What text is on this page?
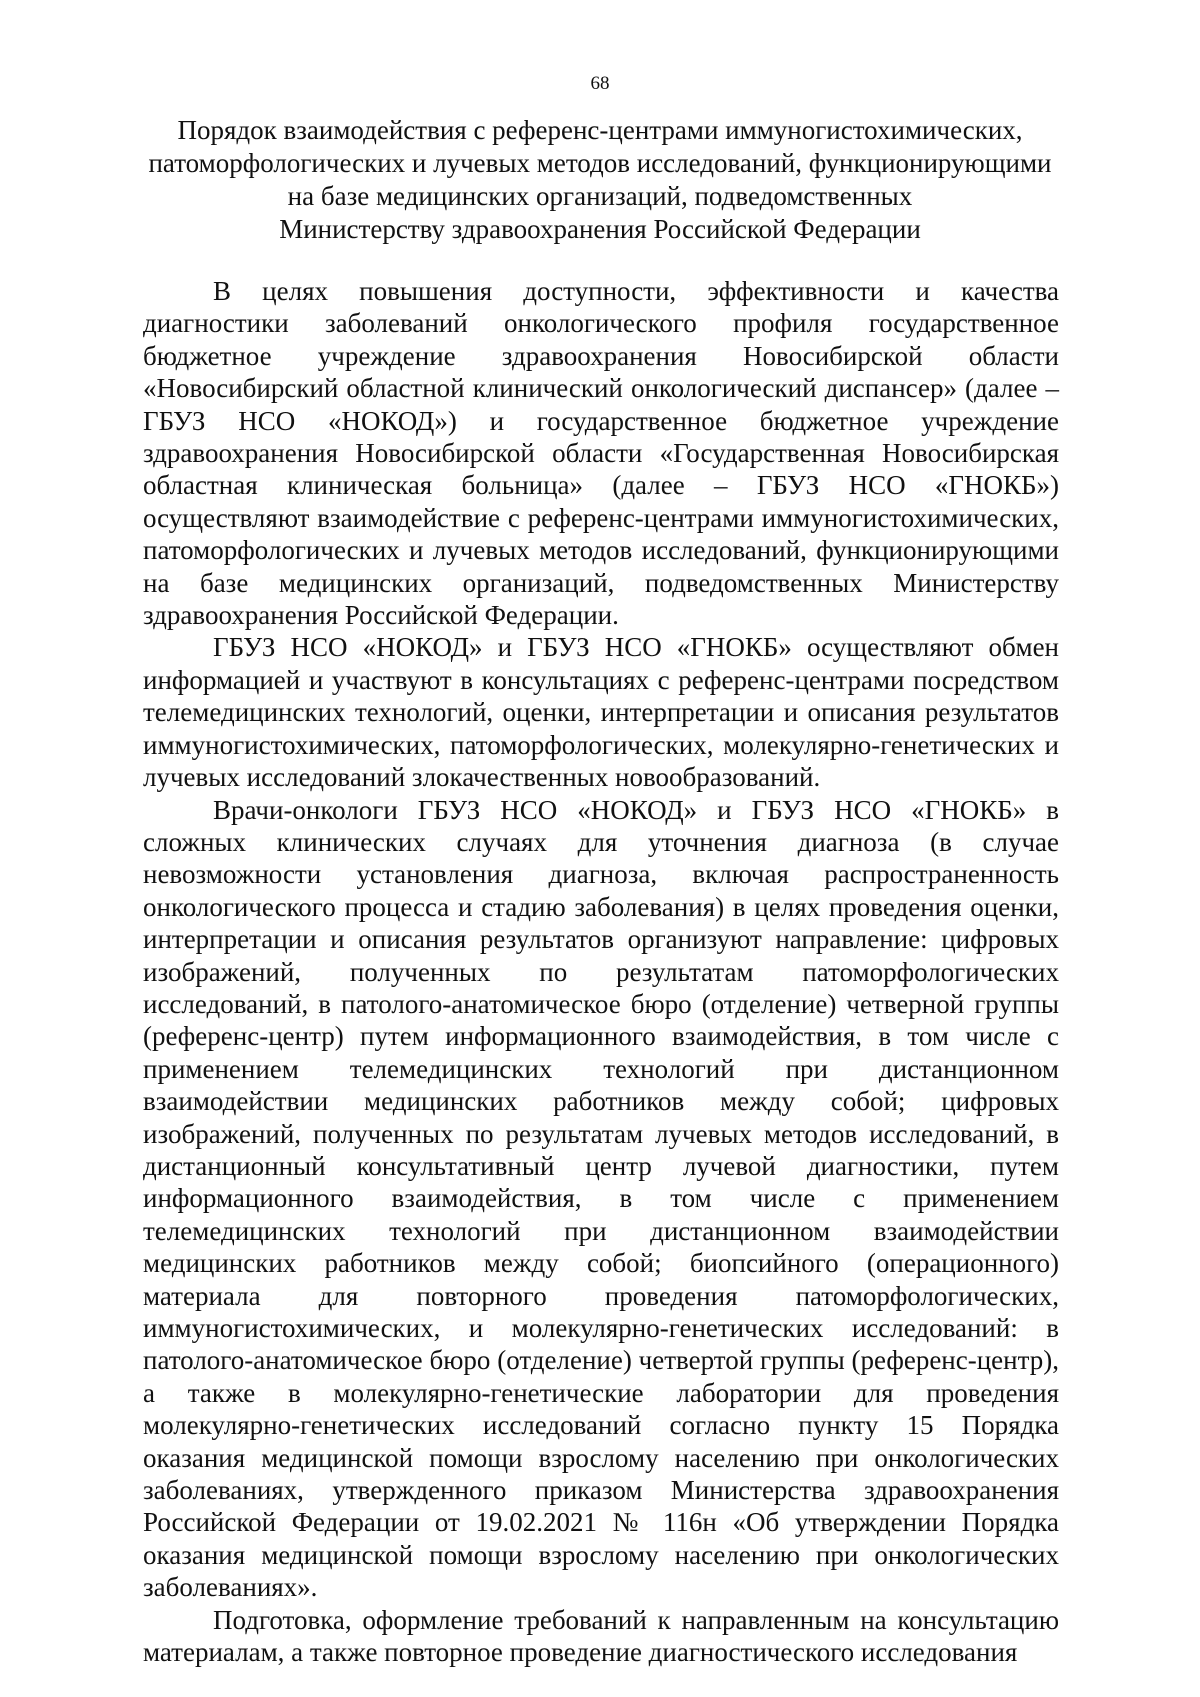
68
Порядок взаимодействия с референс-центрами иммуногистохимических,
патоморфологических и лучевых методов исследований, функционирующими
на базе медицинских организаций, подведомственных
Министерству здравоохранения Российской Федерации

В целях повышения доступности, эффективности и качества диагностики заболеваний онкологического профиля государственное бюджетное учреждение здравоохранения Новосибирской области «Новосибирский областной клинический онкологический диспансер» (далее – ГБУЗ НСО «НОКОД») и государственное бюджетное учреждение здравоохранения Новосибирской области «Государственная Новосибирская областная клиническая больница» (далее – ГБУЗ НСО «ГНОКБ») осуществляют взаимодействие с референс-центрами иммуногистохимических, патоморфологических и лучевых методов исследований, функционирующими на базе медицинских организаций, подведомственных Министерству здравоохранения Российской Федерации.

ГБУЗ НСО «НОКОД» и ГБУЗ НСО «ГНОКБ» осуществляют обмен информацией и участвуют в консультациях с референс-центрами посредством телемедицинских технологий, оценки, интерпретации и описания результатов иммуногистохимических, патоморфологических, молекулярно-генетических и лучевых исследований злокачественных новообразований.

Врачи-онкологи ГБУЗ НСО «НОКОД» и ГБУЗ НСО «ГНОКБ» в сложных клинических случаях для уточнения диагноза (в случае невозможности установления диагноза, включая распространенность онкологического процесса и стадию заболевания) в целях проведения оценки, интерпретации и описания результатов организуют направление: цифровых изображений, полученных по результатам патоморфологических исследований, в патолого-анатомическое бюро (отделение) четверной группы (референс-центр) путем информационного взаимодействия, в том числе с применением телемедицинских технологий при дистанционном взаимодействии медицинских работников между собой; цифровых изображений, полученных по результатам лучевых методов исследований, в дистанционный консультативный центр лучевой диагностики, путем информационного взаимодействия, в том числе с применением телемедицинских технологий при дистанционном взаимодействии медицинских работников между собой; биопсийного (операционного) материала для повторного проведения патоморфологических, иммуногистохимических, и молекулярно-генетических исследований: в патолого-анатомическое бюро (отделение) четвертой группы (референс-центр), а также в молекулярно-генетические лаборатории для проведения молекулярно-генетических исследований согласно пункту 15 Порядка оказания медицинской помощи взрослому населению при онкологических заболеваниях, утвержденного приказом Министерства здравоохранения Российской Федерации от 19.02.2021 № 116н «Об утверждении Порядка оказания медицинской помощи взрослому населению при онкологических заболеваниях».

Подготовка, оформление требований к направленным на консультацию материалам, а также повторное проведение диагностического исследования
